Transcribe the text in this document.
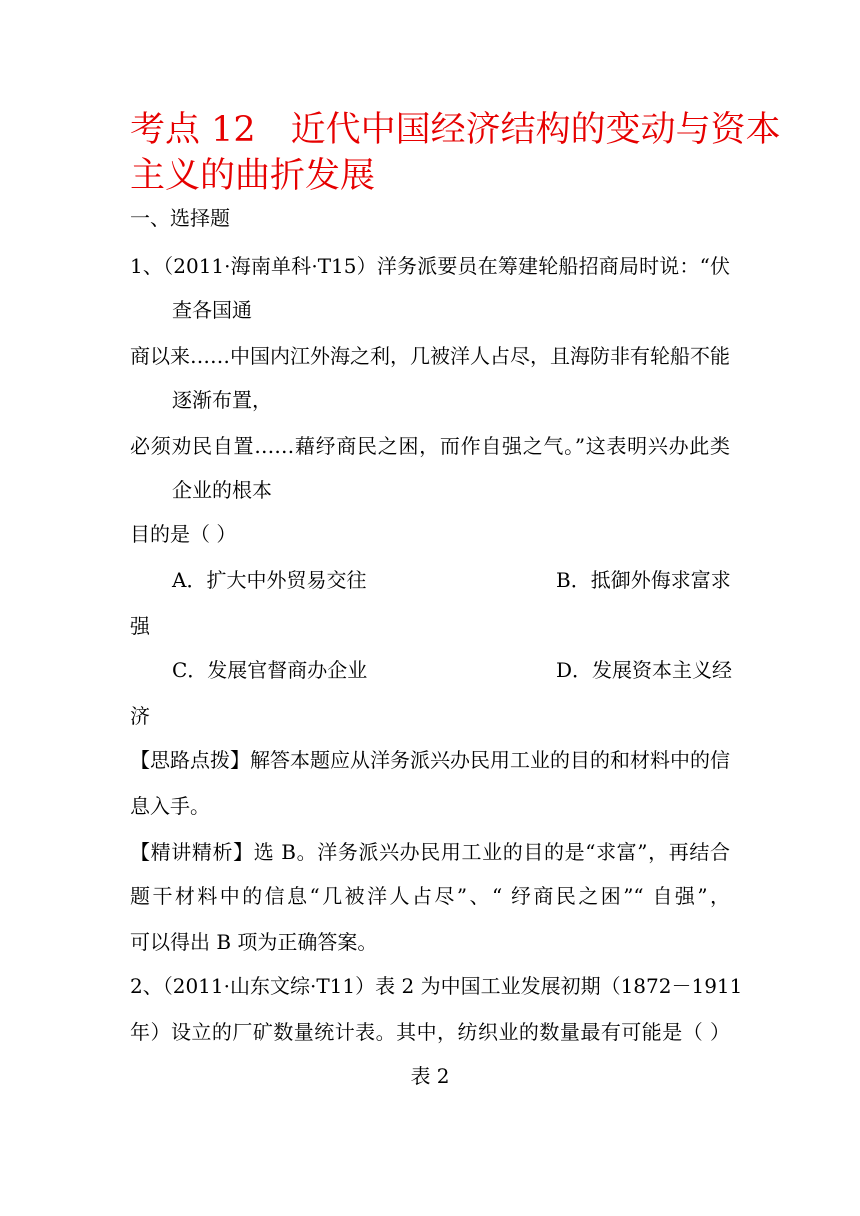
考点 12　近代中国经济结构的变动与资本
主义的曲折发展
一、选择题
1、（2011·海南单科·T15）洋务派要员在筹建轮船招商局时说：“伏
查各国通
商以来……中国内江外海之利，几被洋人占尽，且海防非有轮船不能
逐渐布置，
必须劝民自置……藉纾商民之困，而作自强之气。”这表明兴办此类
企业的根本
目的是（ ）
A．扩大中外贸易交往	B．抵御外侮求富求
强
C．发展官督商办企业	D．发展资本主义经
济
【思路点拨】解答本题应从洋务派兴办民用工业的目的和材料中的信
息入手。
【精讲精析】选 B。洋务派兴办民用工业的目的是“求富”，再结合
题干材料中的信息“几被洋人占尽”、“ 纾商民之困”“ 自强”，
可以得出 B 项为正确答案。
2、（2011·山东文综·T11）表 2 为中国工业发展初期（1872－1911
年）设立的厂矿数量统计表。其中，纺织业的数量最有可能是（ ）
表 2
